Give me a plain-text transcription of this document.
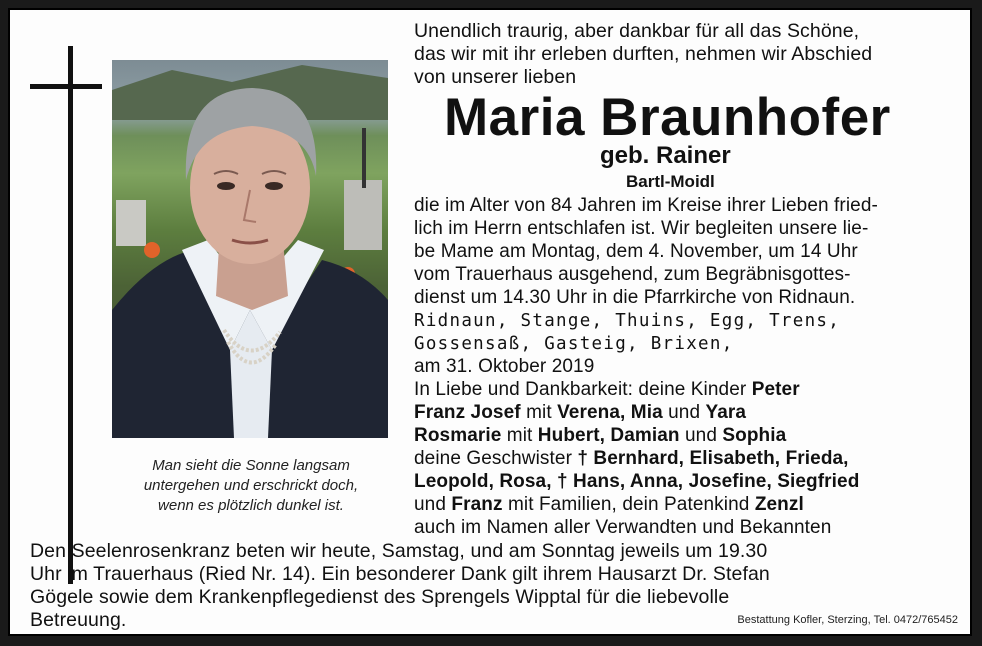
Man sieht die Sonne langsam
untergehen und erschrickt doch,
wenn es plötzlich dunkel ist.
Unendlich traurig, aber dankbar für all das Schöne,
das wir mit ihr erleben durften, nehmen wir Abschied
von unserer lieben
Maria Braunhofer
geb. Rainer
Bartl-Moidl
die im Alter von 84 Jahren im Kreise ihrer Lieben fried-
lich im Herrn entschlafen ist. Wir begleiten unsere lie-
be Mame am Montag, dem 4. November, um 14 Uhr
vom Trauerhaus ausgehend, zum Begräbnisgottes-
dienst um 14.30 Uhr in die Pfarrkirche von Ridnaun.
Ridnaun, Stange, Thuins, Egg, Trens,
Gossensaß, Gasteig, Brixen,
am 31. Oktober 2019
In Liebe und Dankbarkeit: deine Kinder Peter
Franz Josef mit Verena, Mia und Yara
Rosmarie mit Hubert, Damian und Sophia
deine Geschwister † Bernhard, Elisabeth, Frieda,
Leopold, Rosa, † Hans, Anna, Josefine, Siegfried
und Franz mit Familien, dein Patenkind Zenzl
auch im Namen aller Verwandten und Bekannten
Den Seelenrosenkranz beten wir heute, Samstag, und am Sonntag jeweils um 19.30
Uhr im Trauerhaus (Ried Nr. 14). Ein besonderer Dank gilt ihrem Hausarzt Dr. Stefan
Gögele sowie dem Krankenpflegedienst des Sprengels Wipptal für die liebevolle
Betreuung.	Bestattung Kofler, Sterzing, Tel. 0472/765452
